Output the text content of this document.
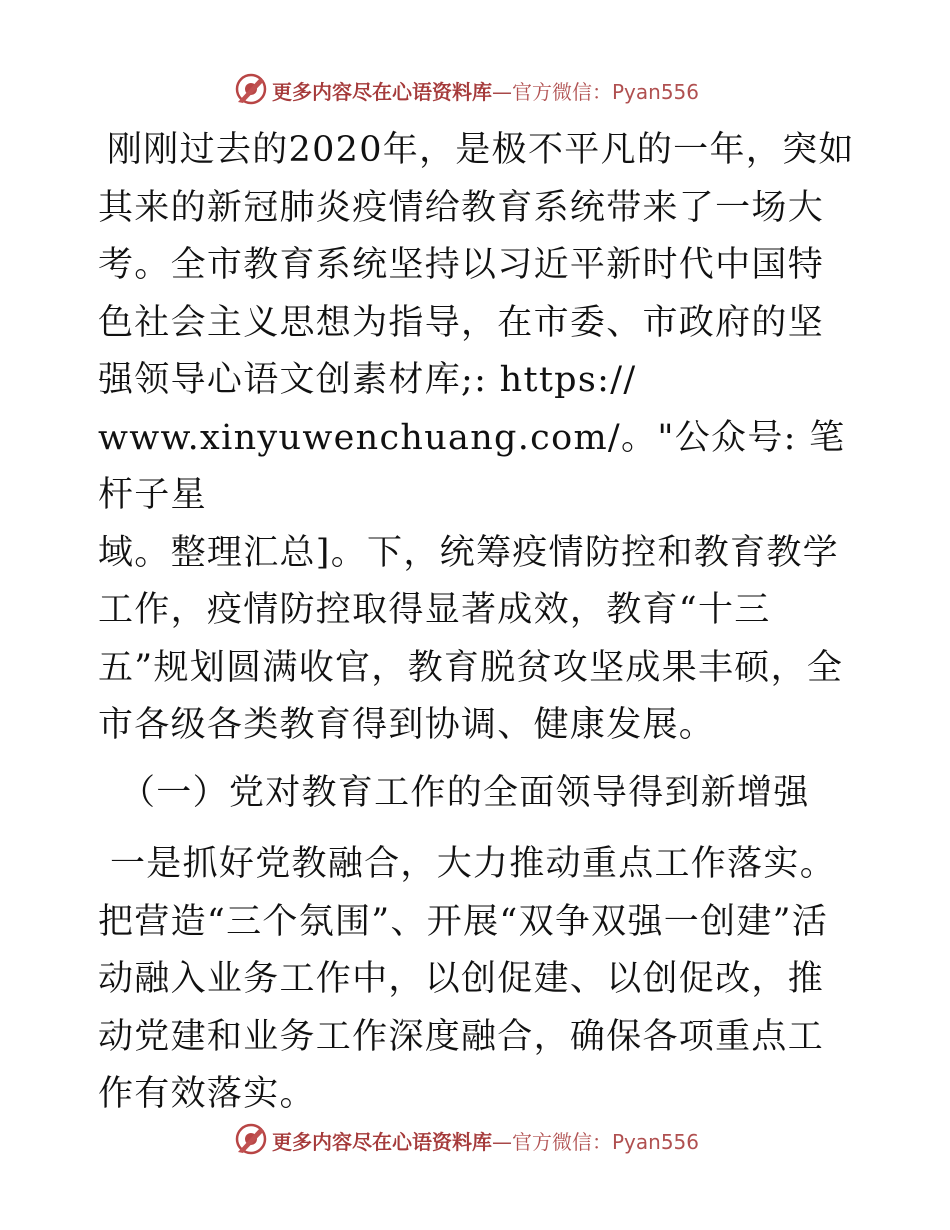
更多内容尽在心语资料库—官方微信：Pyan556

刚刚过去的2020年，是极不平凡的一年，突如其来的新冠肺炎疫情给教育系统带来了一场大考。全市教育系统坚持以习近平新时代中国特色社会主义思想为指导，在市委、市政府的坚强领导心语文创素材库;: https://
www.xinyuwenchuang.com/。"公众号: 笔杆子星
域。整理汇总]。下，统筹疫情防控和教育教学工作，疫情防控取得显著成效，教育“十三五”规划圆满收官，教育脱贫攻坚成果丰硕，全市各级各类教育得到协调、健康发展。

（一）党对教育工作的全面领导得到新增强

一是抓好党教融合，大力推动重点工作落实。把营造“三个氛围”、开展“双争双强一创建”活动融入业务工作中，以创促建、以创促改，推动党建和业务工作深度融合，确保各项重点工作有效落实。

更多内容尽在心语资料库—官方微信：Pyan556
